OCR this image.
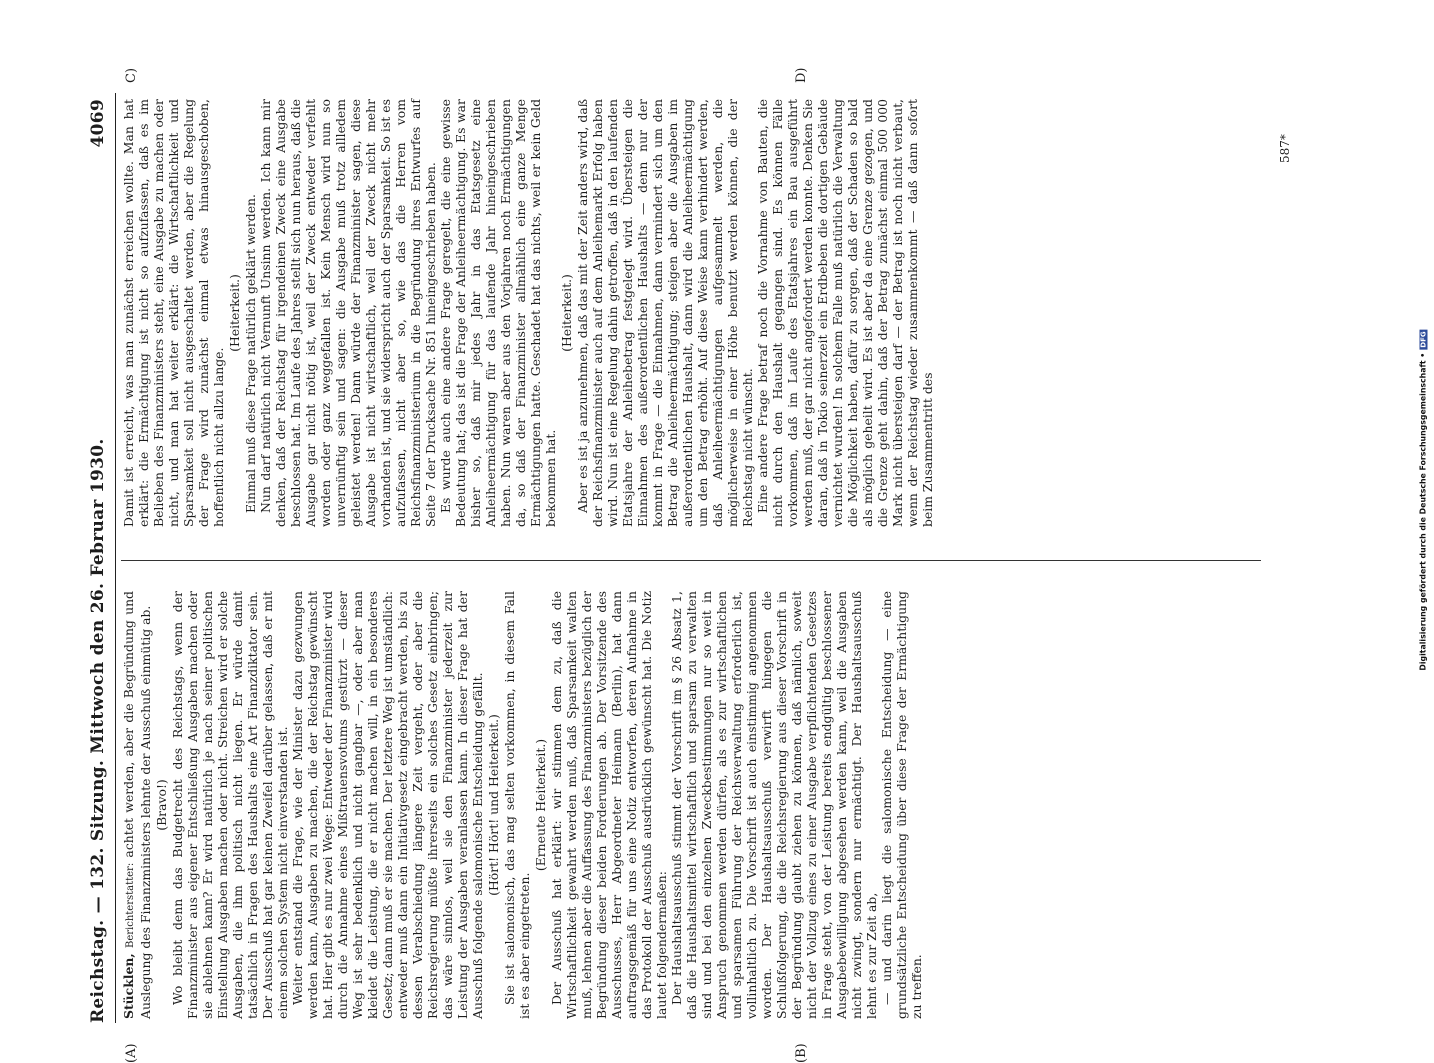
Reichstag. — 132. Sitzung. Mittwoch den 26. Februar 1930.
4069
(A)	(B)
C)	D)

Stücklen, Berichterstatter: achtet werden, aber die Begründung und Auslegung des Finanzministers lehnte der Ausschuß einmütig ab. (Bravo!) Wo bleibt denn das Budgetrecht des Reichstags, wenn der Finanzminister aus eigener Entschließung Ausgaben machen oder sie ablehnen kann? Er wird natürlich je nach seiner politischen Einstellung Ausgaben machen oder nicht. Streichen wird er solche Ausgaben, die ihm politisch nicht liegen. Er würde damit tatsächlich in Fragen des Haushalts eine Art Finanzdiktator sein. Der Ausschuß hat gar keinen Zweifel darüber gelassen, daß er mit einem solchen System nicht einverstanden ist. Weiter entstand die Frage, wie der Minister dazu gezwungen werden kann, Ausgaben zu machen, die der Reichstag gewünscht hat. Hier gibt es nur zwei Wege: Entweder der Finanzminister wird durch die Annahme eines Mißtrauensvotums gestürzt — dieser Weg ist sehr bedenklich und nicht gangbar —, oder aber man kleidet die Leistung, die er nicht machen will, in ein besonderes Gesetz; dann muß er sie machen. Der letztere Weg ist umständlich: entweder muß dann ein Initiativgesetz eingebracht werden, bis zu dessen Verabschiedung längere Zeit vergeht, oder aber die Reichsregierung müßte ihrerseits ein solches Gesetz einbringen; das wäre sinnlos, weil sie den Finanzminister jederzeit zur Leistung der Ausgaben veranlassen kann. In dieser Frage hat der Ausschuß folgende salomonische Entscheidung gefällt. (Hört! Hört! und Heiterkeit.) Sie ist salomonisch, das mag selten vorkommen, in diesem Fall ist es aber eingetreten.

(Erneute Heiterkeit.) Der Ausschuß hat erklärt: wir stimmen dem zu, daß die Wirtschaftlichkeit gewahrt werden muß, daß Sparsamkeit walten muß, lehnen aber die Auffassung des Finanzministers bezüglich der Begründung dieser beiden Forderungen ab. Der Vorsitzende des Ausschusses, Herr Abgeordneter Heimann (Berlin), hat dann auftragsgemäß für uns eine Notiz entworfen, deren Aufnahme in das Protokoll der Ausschuß ausdrücklich gewünscht hat. Die Notiz lautet folgendermaßen: Der Haushaltsausschuß stimmt der Vorschrift im § 26 Absatz 1, daß die Haushaltsmittel wirtschaftlich und sparsam zu verwalten sind und bei den einzelnen Zweckbestimmungen nur so weit in Anspruch genommen werden dürfen, als es zur wirtschaftlichen und sparsamen Führung der Reichsverwaltung erforderlich ist, vollinhaltlich zu. Die Vorschrift ist auch einstimmig angenommen worden. Der Haushaltsausschuß verwirft hingegen die Schlußfolgerung, die die Reichsregierung aus dieser Vorschrift in der Begründung glaubt ziehen zu können, daß nämlich, soweit nicht der Vollzug eines zu einer Ausgabe verpflichtenden Gesetzes in Frage steht, von der Leistung bereits endgültig beschlossener Ausgabebewilligung abgesehen werden kann, weil die Ausgaben nicht zwingt, sondern nur ermächtigt. Der Haushaltsausschuß lehnt es zur Zeit ab, — und darin liegt die salomonische Entscheidung — eine grundsätzliche Entscheidung über diese Frage der Ermächtigung zu treffen.

Damit ist erreicht, was man zunächst erreichen wollte. Man hat erklärt: die Ermächtigung ist nicht so aufzufassen, daß es im Belieben des Finanzministers steht, eine Ausgabe zu machen oder nicht, und man hat weiter erklärt: die Wirtschaftlichkeit und Sparsamkeit soll nicht ausgeschaltet werden, aber die Regelung der Frage wird zunächst einmal etwas hinausgeschoben, hoffentlich nicht allzu lange.

(Heiterkeit.) Einmal muß diese Frage natürlich geklärt werden. Nun darf natürlich nicht Vernunft Unsinn werden. Ich kann mir denken, daß der Reichstag für irgendeinen Zweck eine Ausgabe beschlossen hat. Im Laufe des Jahres stellt sich nun heraus, daß die Ausgabe gar nicht nötig ist, weil der Zweck entweder verfehlt worden oder ganz weggefallen ist. Kein Mensch wird nun so unvernünftig sein und sagen: die Ausgabe muß trotz allledem geleistet werden! Dann würde der Finanzminister sagen, diese Ausgabe ist nicht wirtschaftlich, weil der Zweck nicht mehr vorhanden ist, und sie widerspricht auch der Sparsamkeit. So ist es aufzufassen, nicht aber so, wie das die Herren vom Reichsfinanzministerium in die Begründung ihres Entwurfes auf Seite 7 der Drucksache Nr. 851 hineingeschrieben haben. Es wurde auch eine andere Frage geregelt, die eine gewisse Bedeutung hat; das ist die Frage der Anleiheermächtigung. Es war bisher so, daß mir jedes Jahr in das Etatsgesetz eine Anleiheermächtigung für das laufende Jahr hineingeschrieben haben. Nun waren aber aus den Vorjahren noch Ermächtigungen da, so daß der Finanzminister allmählich eine ganze Menge Ermächtigungen hatte. Geschadet hat das nichts, weil er kein Geld bekommen hat.

(Heiterkeit.) Aber es ist ja anzunehmen, daß das mit der Zeit anders wird, daß der Reichsfinanzminister auch auf dem Anleihemarkt Erfolg haben wird. Nun ist eine Regelung dahin getroffen, daß in den laufenden Etatsjahre der Anleihebetrag festgelegt wird. Übersteigen die Einnahmen des außerordentlichen Haushalts — denn nur der kommt in Frage — die Einnahmen, dann vermindert sich um den Betrag die Anleiheermächtigung; steigen aber die Ausgaben im außerordentlichen Haushalt, dann wird die Anleiheermächtigung um den Betrag erhöht. Auf diese Weise kann verhindert werden, daß Anleiheermächtigungen aufgesammelt werden, die möglicherweise in einer Höhe benutzt werden können, die der Reichstag nicht wünscht. Eine andere Frage betraf noch die Vornahme von Bauten, die nicht durch den Haushalt gegangen sind. Es können Fälle vorkommen, daß im Laufe des Etatsjahres ein Bau ausgeführt werden muß, der gar nicht angefordert werden konnte. Denken Sie daran, daß in Tokio seinerzeit ein Erdbeben die dortigen Gebäude vernichtet wurden! In solchem Falle muß natürlich die Verwaltung die Möglichkeit haben, dafür zu sorgen, daß der Schaden so bald als möglich geheilt wird. Es ist aber da eine Grenze gezogen, und die Grenze geht dahin, daß der Betrag zunächst einmal 500 000 Mark nicht übersteigen darf — der Betrag ist noch nicht verbaut, wenn der Reichstag wieder zusammenkommt — daß dann sofort beim Zusammentritt des

587*
Digitalisierung gefördert durch die Deutsche Forschungsgemeinschaft •DFG
